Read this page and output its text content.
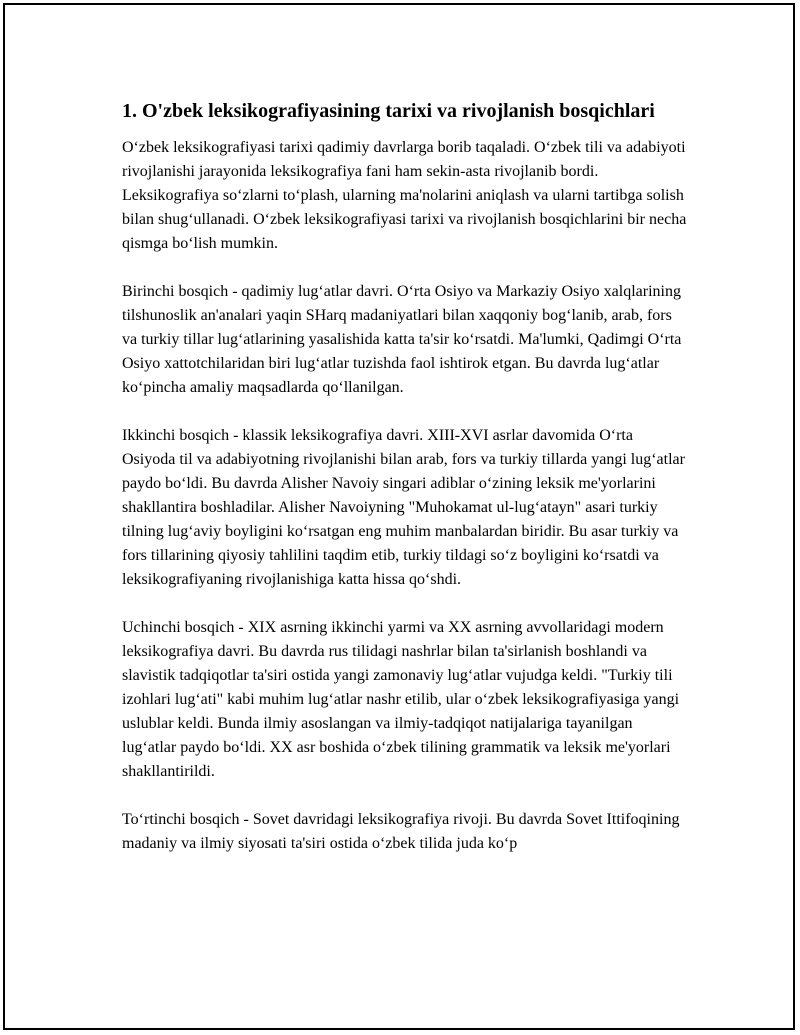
1. O'zbek leksikografiyasining tarixi va rivojlanish bosqichlari

O‘zbek leksikografiyasi tarixi qadimiy davrlarga borib taqaladi. O‘zbek tili va adabiyoti rivojlanishi jarayonida leksikografiya fani ham sekin-asta rivojlanib bordi. Leksikografiya so‘zlarni to‘plash, ularning ma'nolarini aniqlash va ularni tartibga solish bilan shug‘ullanadi. O‘zbek leksikografiyasi tarixi va rivojlanish bosqichlarini bir necha qismga bo‘lish mumkin.

Birinchi bosqich - qadimiy lug‘atlar davri. O‘rta Osiyo va Markaziy Osiyo xalqlarining tilshunoslik an'analari yaqin SHarq madaniyatlari bilan xaqqoniy bog‘lanib, arab, fors va turkiy tillar lug‘atlarining yasalishida katta ta'sir ko‘rsatdi. Ma'lumki, Qadimgi O‘rta Osiyo xattotchilaridan biri lug‘atlar tuzishda faol ishtirok etgan. Bu davrda lug‘atlar ko‘pincha amaliy maqsadlarda qo‘llanilgan.

Ikkinchi bosqich - klassik leksikografiya davri. XIII-XVI asrlar davomida O‘rta Osiyoda til va adabiyotning rivojlanishi bilan arab, fors va turkiy tillarda yangi lug‘atlar paydo bo‘ldi. Bu davrda Alisher Navoiy singari adiblar o‘zining leksik me'yorlarini shakllantira boshladilar. Alisher Navoiyning "Muhokamat ul-lug‘atayn" asari turkiy tilning lug‘aviy boyligini ko‘rsatgan eng muhim manbalardan biridir. Bu asar turkiy va fors tillarining qiyosiy tahlilini taqdim etib, turkiy tildagi so‘z boyligini ko‘rsatdi va leksikografiyaning rivojlanishiga katta hissa qo‘shdi.

Uchinchi bosqich - XIX asrning ikkinchi yarmi va XX asrning avvollaridagi modern leksikografiya davri. Bu davrda rus tilidagi nashrlar bilan ta'sirlanish boshlandi va slavistik tadqiqotlar ta'siri ostida yangi zamonaviy lug‘atlar vujudga keldi. "Turkiy tili izohlari lug‘ati" kabi muhim lug‘atlar nashr etilib, ular o‘zbek leksikografiyasiga yangi uslublar keldi. Bunda ilmiy asoslangan va ilmiy-tadqiqot natijalariga tayanilgan lug‘atlar paydo bo‘ldi. XX asr boshida o‘zbek tilining grammatik va leksik me'yorlari shakllantirildi.

To‘rtinchi bosqich - Sovet davridagi leksikografiya rivoji. Bu davrda Sovet Ittifoqining madaniy va ilmiy siyosati ta'siri ostida o‘zbek tilida juda ko‘p
